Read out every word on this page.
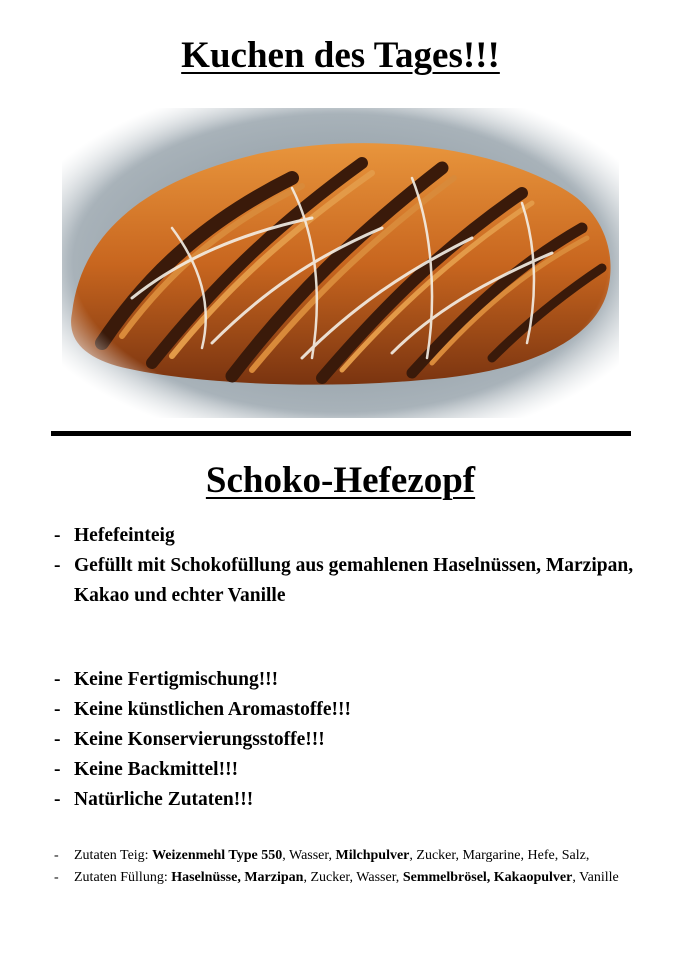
Kuchen des Tages!!!
Schoko-Hefezopf
- Hefefeinteig
- Gefüllt mit Schokofüllung aus gemahlenen Haselnüssen, Marzipan, Kakao und echter Vanille
- Keine Fertigmischung!!!
- Keine künstlichen Aromastoffe!!!
- Keine Konservierungsstoffe!!!
- Keine Backmittel!!!
- Natürliche Zutaten!!!
- Zutaten Teig: Weizenmehl Type 550, Wasser, Milchpulver, Zucker, Margarine, Hefe, Salz,
- Zutaten Füllung: Haselnüsse, Marzipan, Zucker, Wasser, Semmelbrösel, Kakaopulver, Vanille
